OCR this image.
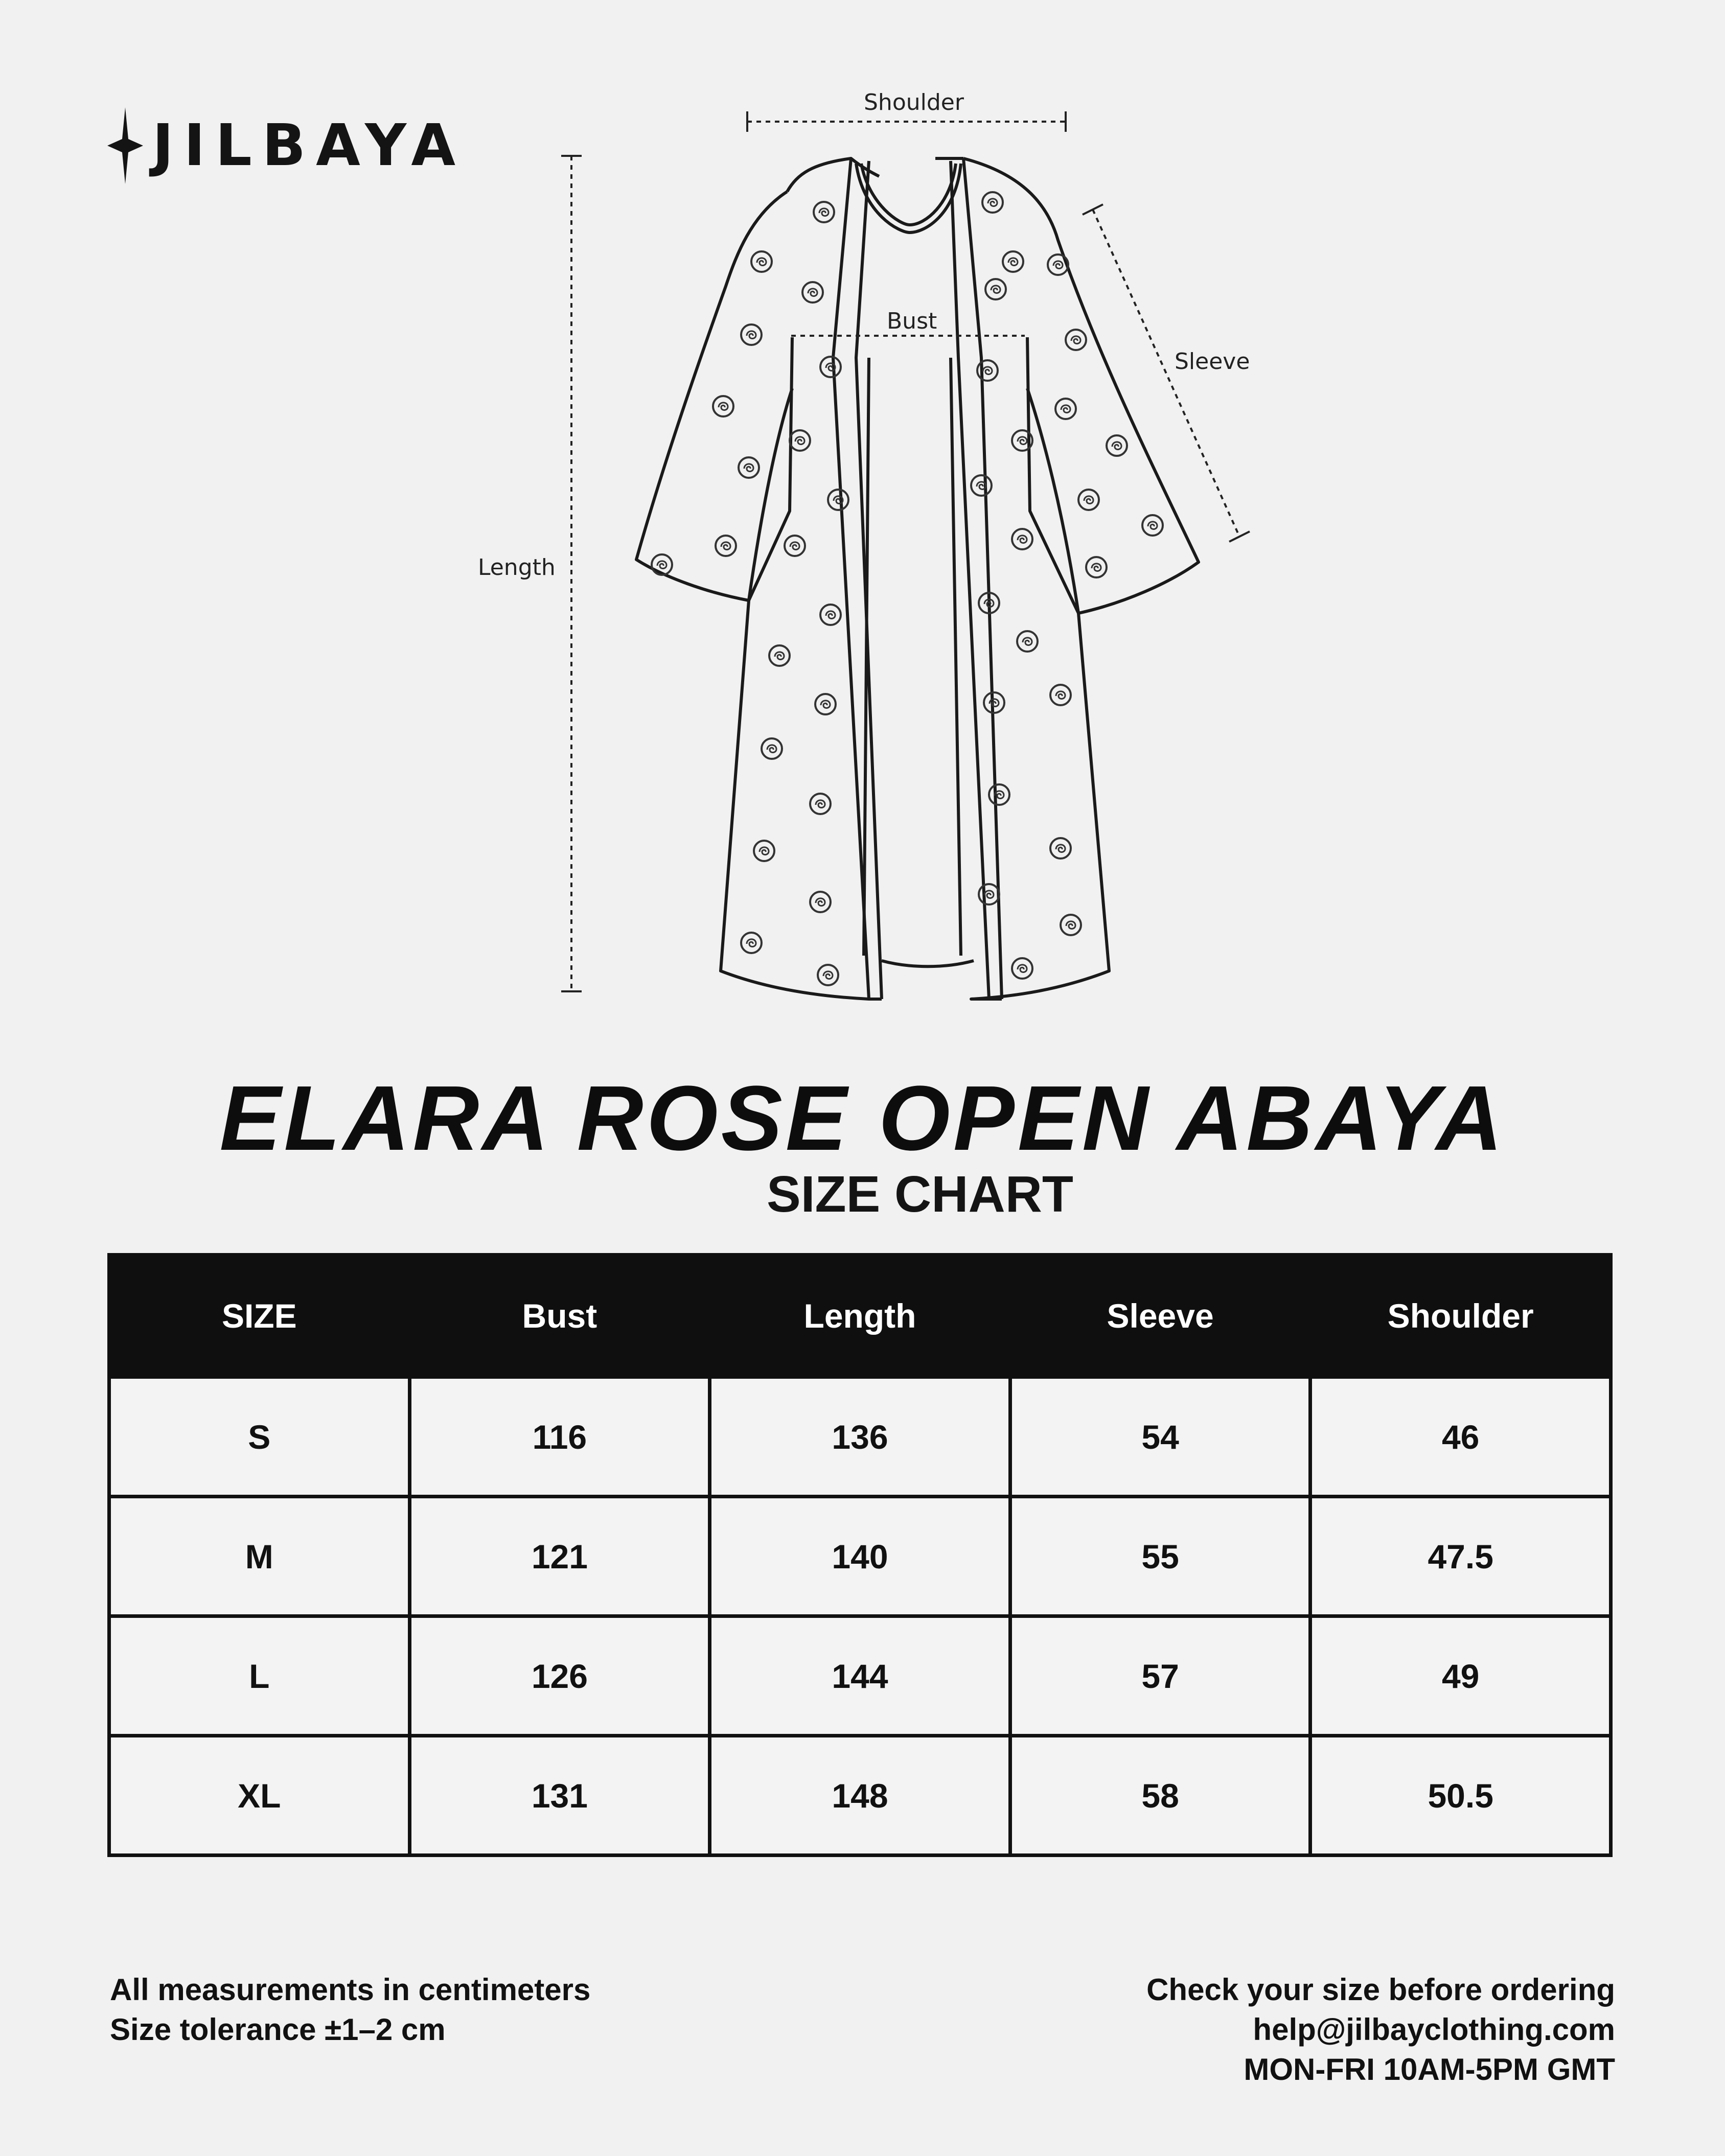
JILBAYA
Shoulder
Bust
Sleeve
Length
ELARA ROSE OPEN ABAYA
SIZE CHART
SIZE	Bust	Length	Sleeve	Shoulder
S	116	136	54	46
M	121	140	55	47.5
L	126	144	57	49
XL	131	148	58	50.5
All measurements in centimeters
Size tolerance ±1–2 cm
Check your size before ordering
help@jilbayclothing.com
MON-FRI 10AM-5PM GMT
